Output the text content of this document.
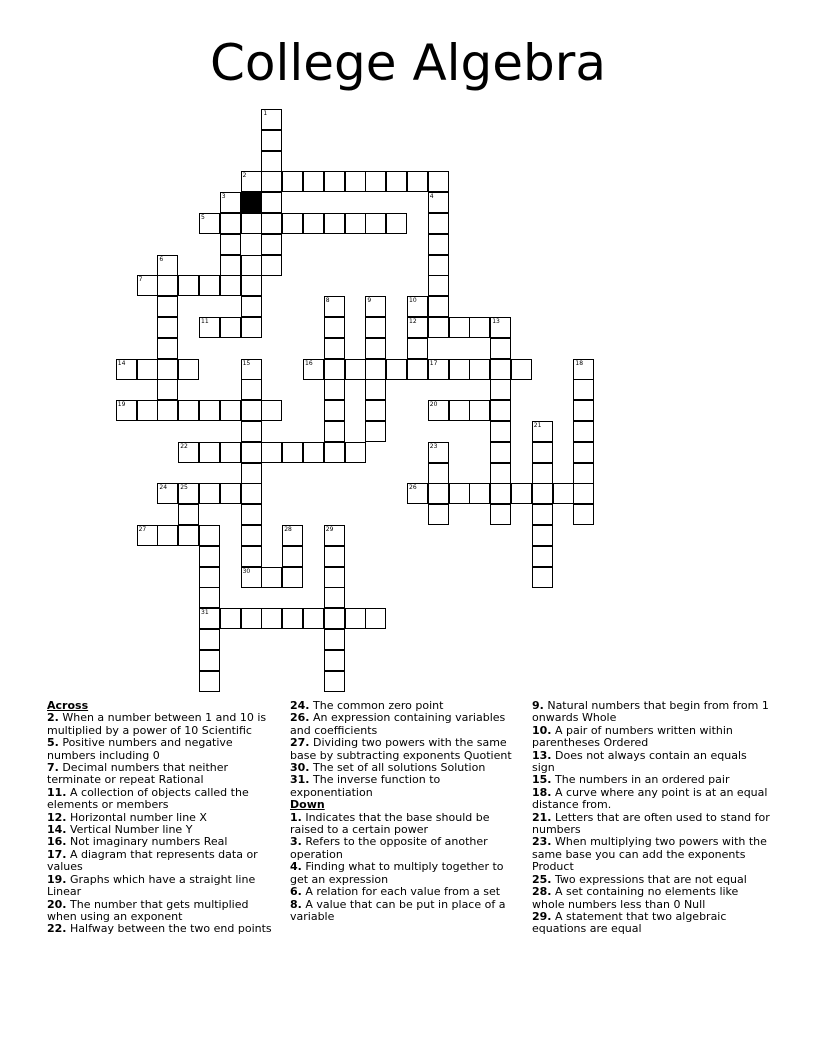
College Algebra
1
2
3	4
5
6
7
8	9	10
11	12	13
14	15	16	17	18
19	20
21
22	23
24 25	26
27	28	29
30
31
Across
2. When a number between 1 and 10 is multiplied by a power of 10 Scientific
5. Positive numbers and negative numbers including 0
7. Decimal numbers that neither terminate or repeat Rational
11. A collection of objects called the elements or members
12. Horizontal number line X
14. Vertical Number line Y
16. Not imaginary numbers Real
17. A diagram that represents data or values
19. Graphs which have a straight line Linear
20. The number that gets multiplied when using an exponent
22. Halfway between the two end points
24. The common zero point
26. An expression containing variables and coefficients
27. Dividing two powers with the same base by subtracting exponents Quotient
30. The set of all solutions Solution
31. The inverse function to exponentiation
Down
1. Indicates that the base should be raised to a certain power
3. Refers to the opposite of another operation
4. Finding what to multiply together to get an expression
6. A relation for each value from a set
8. A value that can be put in place of a variable
9. Natural numbers that begin from from 1 onwards Whole
10. A pair of numbers written within parentheses Ordered
13. Does not always contain an equals sign
15. The numbers in an ordered pair
18. A curve where any point is at an equal distance from.
21. Letters that are often used to stand for numbers
23. When multiplying two powers with the same base you can add the exponents Product
25. Two expressions that are not equal
28. A set containing no elements like whole numbers less than 0 Null
29. A statement that two algebraic equations are equal
